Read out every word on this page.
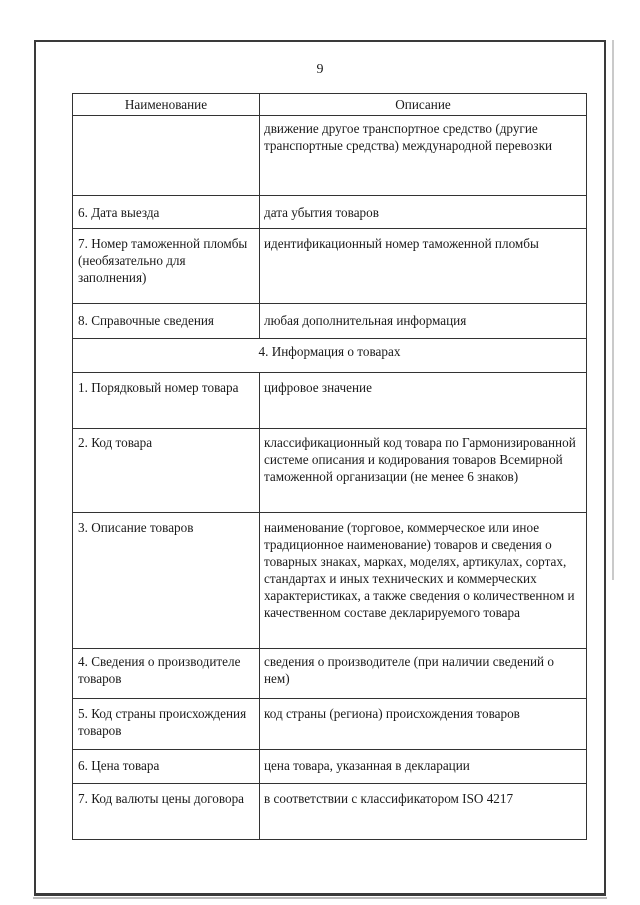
9
Наименование	Описание
	движение другое транспортное средство (другие транспортные средства) международной перевозки
6. Дата выезда	дата убытия товаров
7. Номер таможенной пломбы (необязательно для заполнения)	идентификационный номер таможенной пломбы
8. Справочные сведения	любая дополнительная информация
4. Информация о товарах	
1. Порядковый номер товара	цифровое значение
2. Код товара	классификационный код товара по Гармонизированной системе описания и кодирования товаров Всемирной таможенной организации (не менее 6 знаков)
3. Описание товаров	наименование (торговое, коммерческое или иное традиционное наименование) товаров и сведения о товарных знаках, марках, моделях, артикулах, сортах, стандартах и иных технических и коммерческих характеристиках, а также сведения о количественном и качественном составе декларируемого товара
4. Сведения о производителе товаров	сведения о производителе (при наличии сведений о нем)
5. Код страны происхождения товаров	код страны (региона) происхождения товаров
6. Цена товара	цена товара, указанная в декларации
7. Код валюты цены договора	в соответствии с классификатором ISO 4217
